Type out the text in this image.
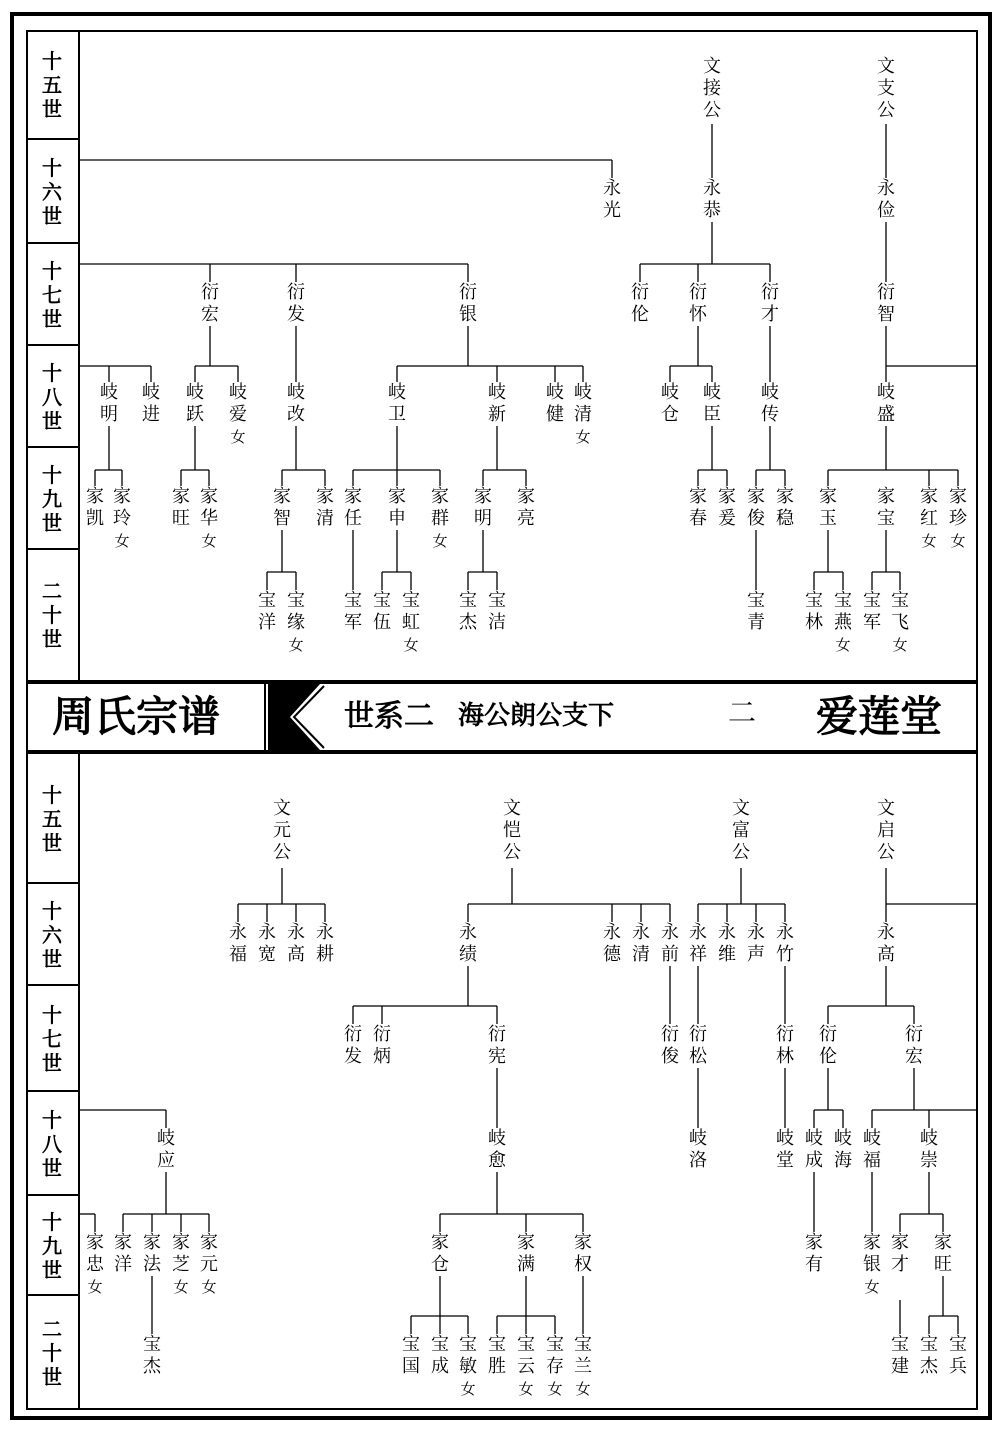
十五世
十六世
十七世
十八世
十九世
二十世
十五世
十六世
十七世
十八世
十九世
二十世
周氏宗谱	世系二 海公朗公支下	二 爱莲堂
文接公
文支公
永光
永恭
永俭
衍宏
衍发
衍银
衍伦
衍怀
衍才
衍智
岐明
岐进
岐跃
岐爱女
岐改
岐卫
岐新
岐健
岐清女
岐仓
岐臣
岐传
岐盛
家凯
家玲女
家旺
家华女
家智
家清
家任
家申
家群女
家明
家亮
家春
家爰
家俊
家稳
家玉
家宝
家红女
家珍女
宝洋
宝缘女
宝军
宝伍
宝虹女
宝杰
宝洁
宝青
宝林
宝燕女
宝军
宝飞女
文元公
文恺公
文富公
文启公
永福
永宽
永高
永耕
永绩
永德
永清
永前
永祥
永维
永声
永竹
永高
衍发
衍炳
衍宪
衍俊
衍松
衍林
衍伦
衍宏
岐应
岐愈
岐洛
岐堂
岐成
岐海
岐福
岐崇
家忠女
家洋
家法
家芝女
家元女
家仓
家满
家权
家有
家银女
家才
家旺
宝杰
宝国
宝成
宝敏女
宝胜
宝云女
宝存女
宝兰女
宝建
宝杰
宝兵
